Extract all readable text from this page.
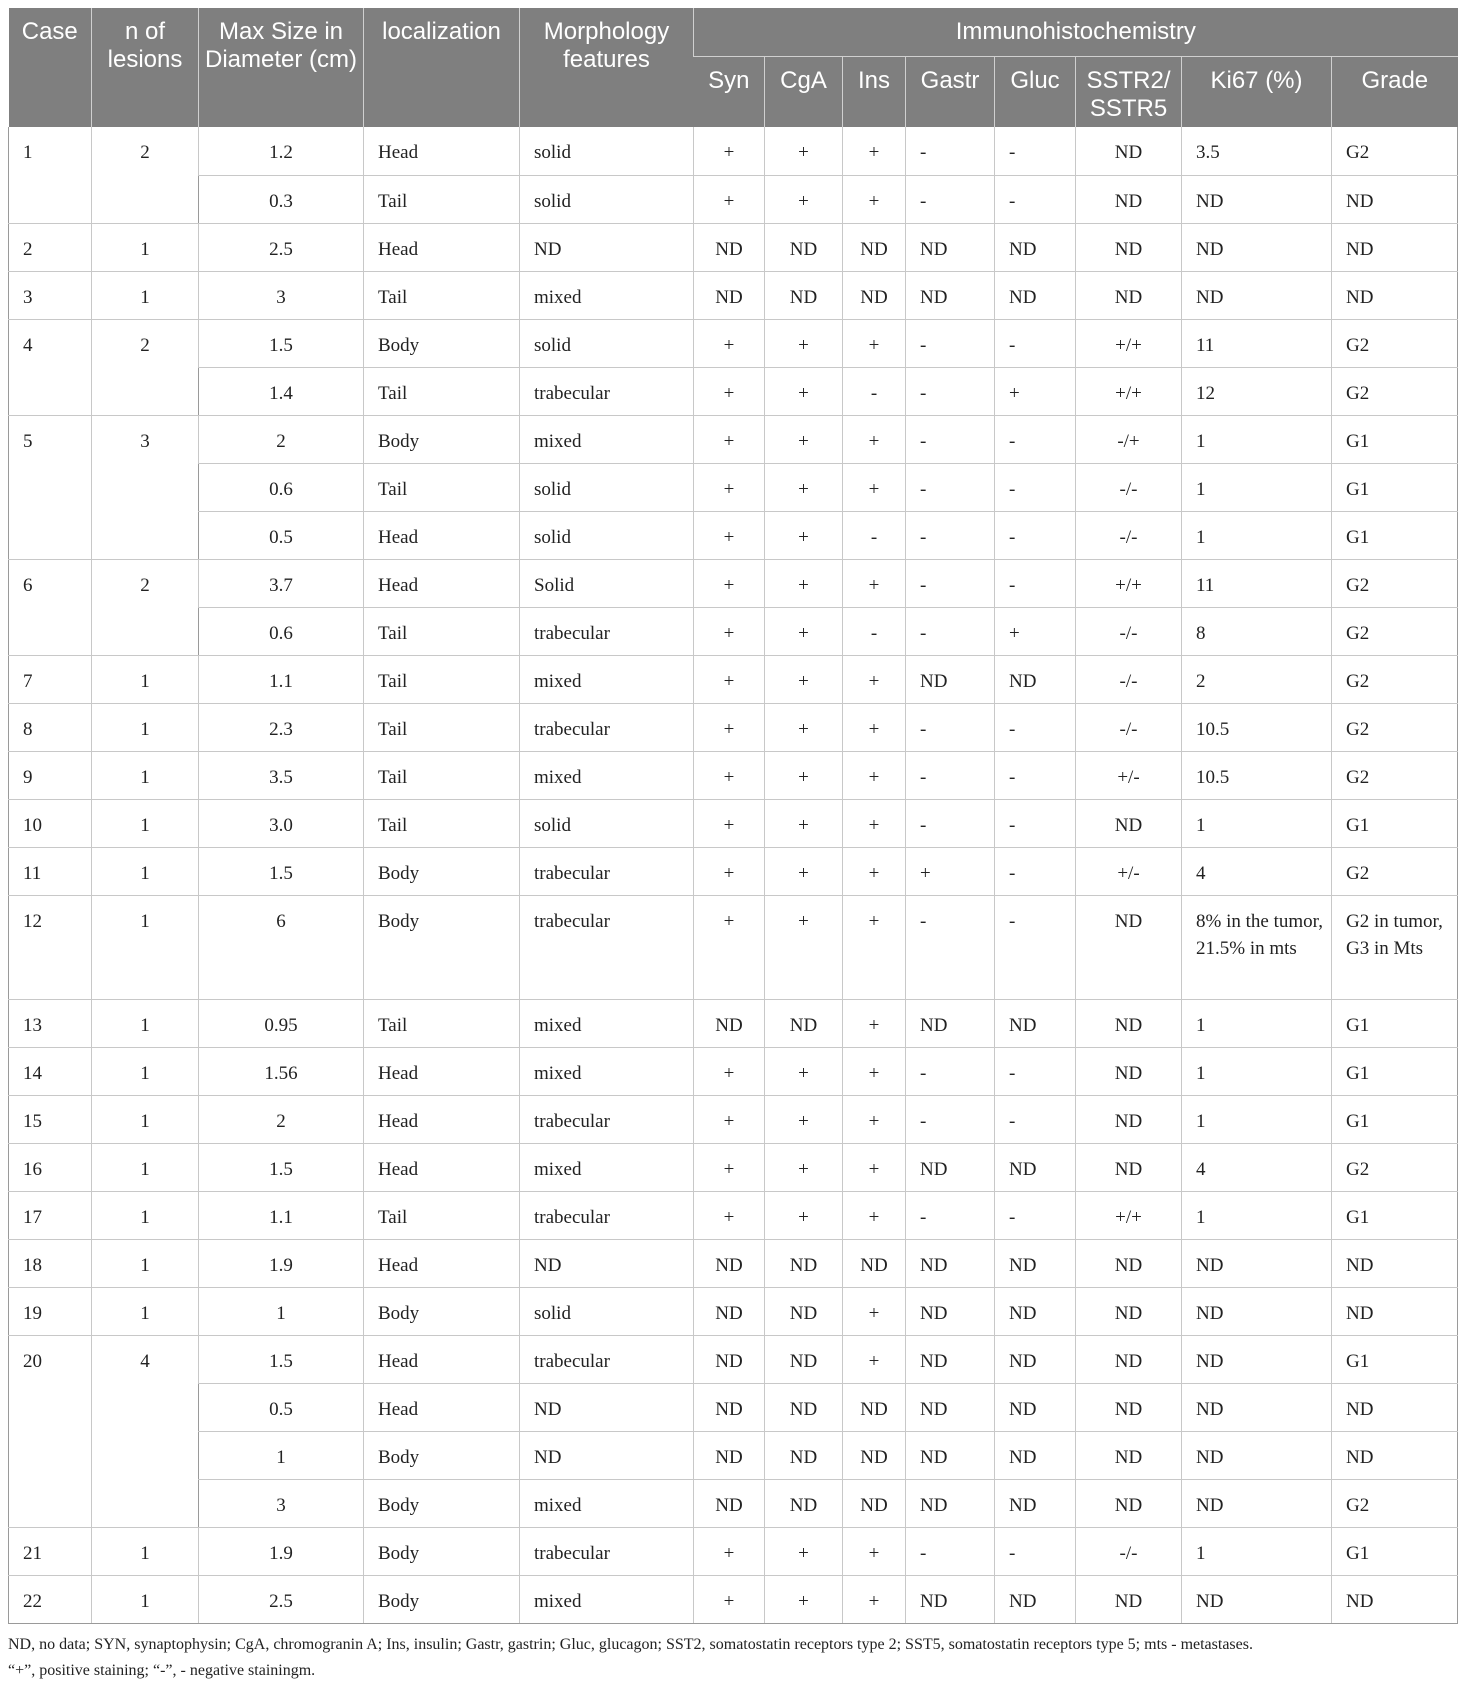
Case	n of lesions	Max Size in Diameter (cm)	localization	Morphology features	Immunohistochemistry							
					Syn	CgA	Ins	Gastr	Gluc	SSTR2/ SSTR5	Ki67 (%)	Grade
1	2	1.2	Head	solid	+	+	+	-	-	ND	3.5	G2
		0.3	Tail	solid	+	+	+	-	-	ND	ND	ND
2	1	2.5	Head	ND	ND	ND	ND	ND	ND	ND	ND	ND
3	1	3	Tail	mixed	ND	ND	ND	ND	ND	ND	ND	ND
4	2	1.5	Body	solid	+	+	+	-	-	+/+	11	G2
		1.4	Tail	trabecular	+	+	-	-	+	+/+	12	G2
5	3	2	Body	mixed	+	+	+	-	-	-/+	1	G1
		0.6	Tail	solid	+	+	+	-	-	-/-	1	G1
		0.5	Head	solid	+	+	-	-	-	-/-	1	G1
6	2	3.7	Head	Solid	+	+	+	-	-	+/+	11	G2
		0.6	Tail	trabecular	+	+	-	-	+	-/-	8	G2
7	1	1.1	Tail	mixed	+	+	+	ND	ND	-/-	2	G2
8	1	2.3	Tail	trabecular	+	+	+	-	-	-/-	10.5	G2
9	1	3.5	Tail	mixed	+	+	+	-	-	+/-	10.5	G2
10	1	3.0	Tail	solid	+	+	+	-	-	ND	1	G1
11	1	1.5	Body	trabecular	+	+	+	+	-	+/-	4	G2
12	1	6	Body	trabecular	+	+	+	-	-	ND	8% in the tumor, 21.5% in mts	G2 in tumor, G3 in Mts
13	1	0.95	Tail	mixed	ND	ND	+	ND	ND	ND	1	G1
14	1	1.56	Head	mixed	+	+	+	-	-	ND	1	G1
15	1	2	Head	trabecular	+	+	+	-	-	ND	1	G1
16	1	1.5	Head	mixed	+	+	+	ND	ND	ND	4	G2
17	1	1.1	Tail	trabecular	+	+	+	-	-	+/+	1	G1
18	1	1.9	Head	ND	ND	ND	ND	ND	ND	ND	ND	ND
19	1	1	Body	solid	ND	ND	+	ND	ND	ND	ND	ND
20	4	1.5	Head	trabecular	ND	ND	+	ND	ND	ND	ND	G1
		0.5	Head	ND	ND	ND	ND	ND	ND	ND	ND	ND
		1	Body	ND	ND	ND	ND	ND	ND	ND	ND	ND
		3	Body	mixed	ND	ND	ND	ND	ND	ND	ND	G2
21	1	1.9	Body	trabecular	+	+	+	-	-	-/-	1	G1
22	1	2.5	Body	mixed	+	+	+	ND	ND	ND	ND	ND
ND, no data; SYN, synaptophysin; CgA, chromogranin A; Ins, insulin; Gastr, gastrin; Gluc, glucagon; SST2, somatostatin receptors type 2; SST5, somatostatin receptors type 5; mts - metastases.
“+”, positive staining; “-”, - negative stainingm.
